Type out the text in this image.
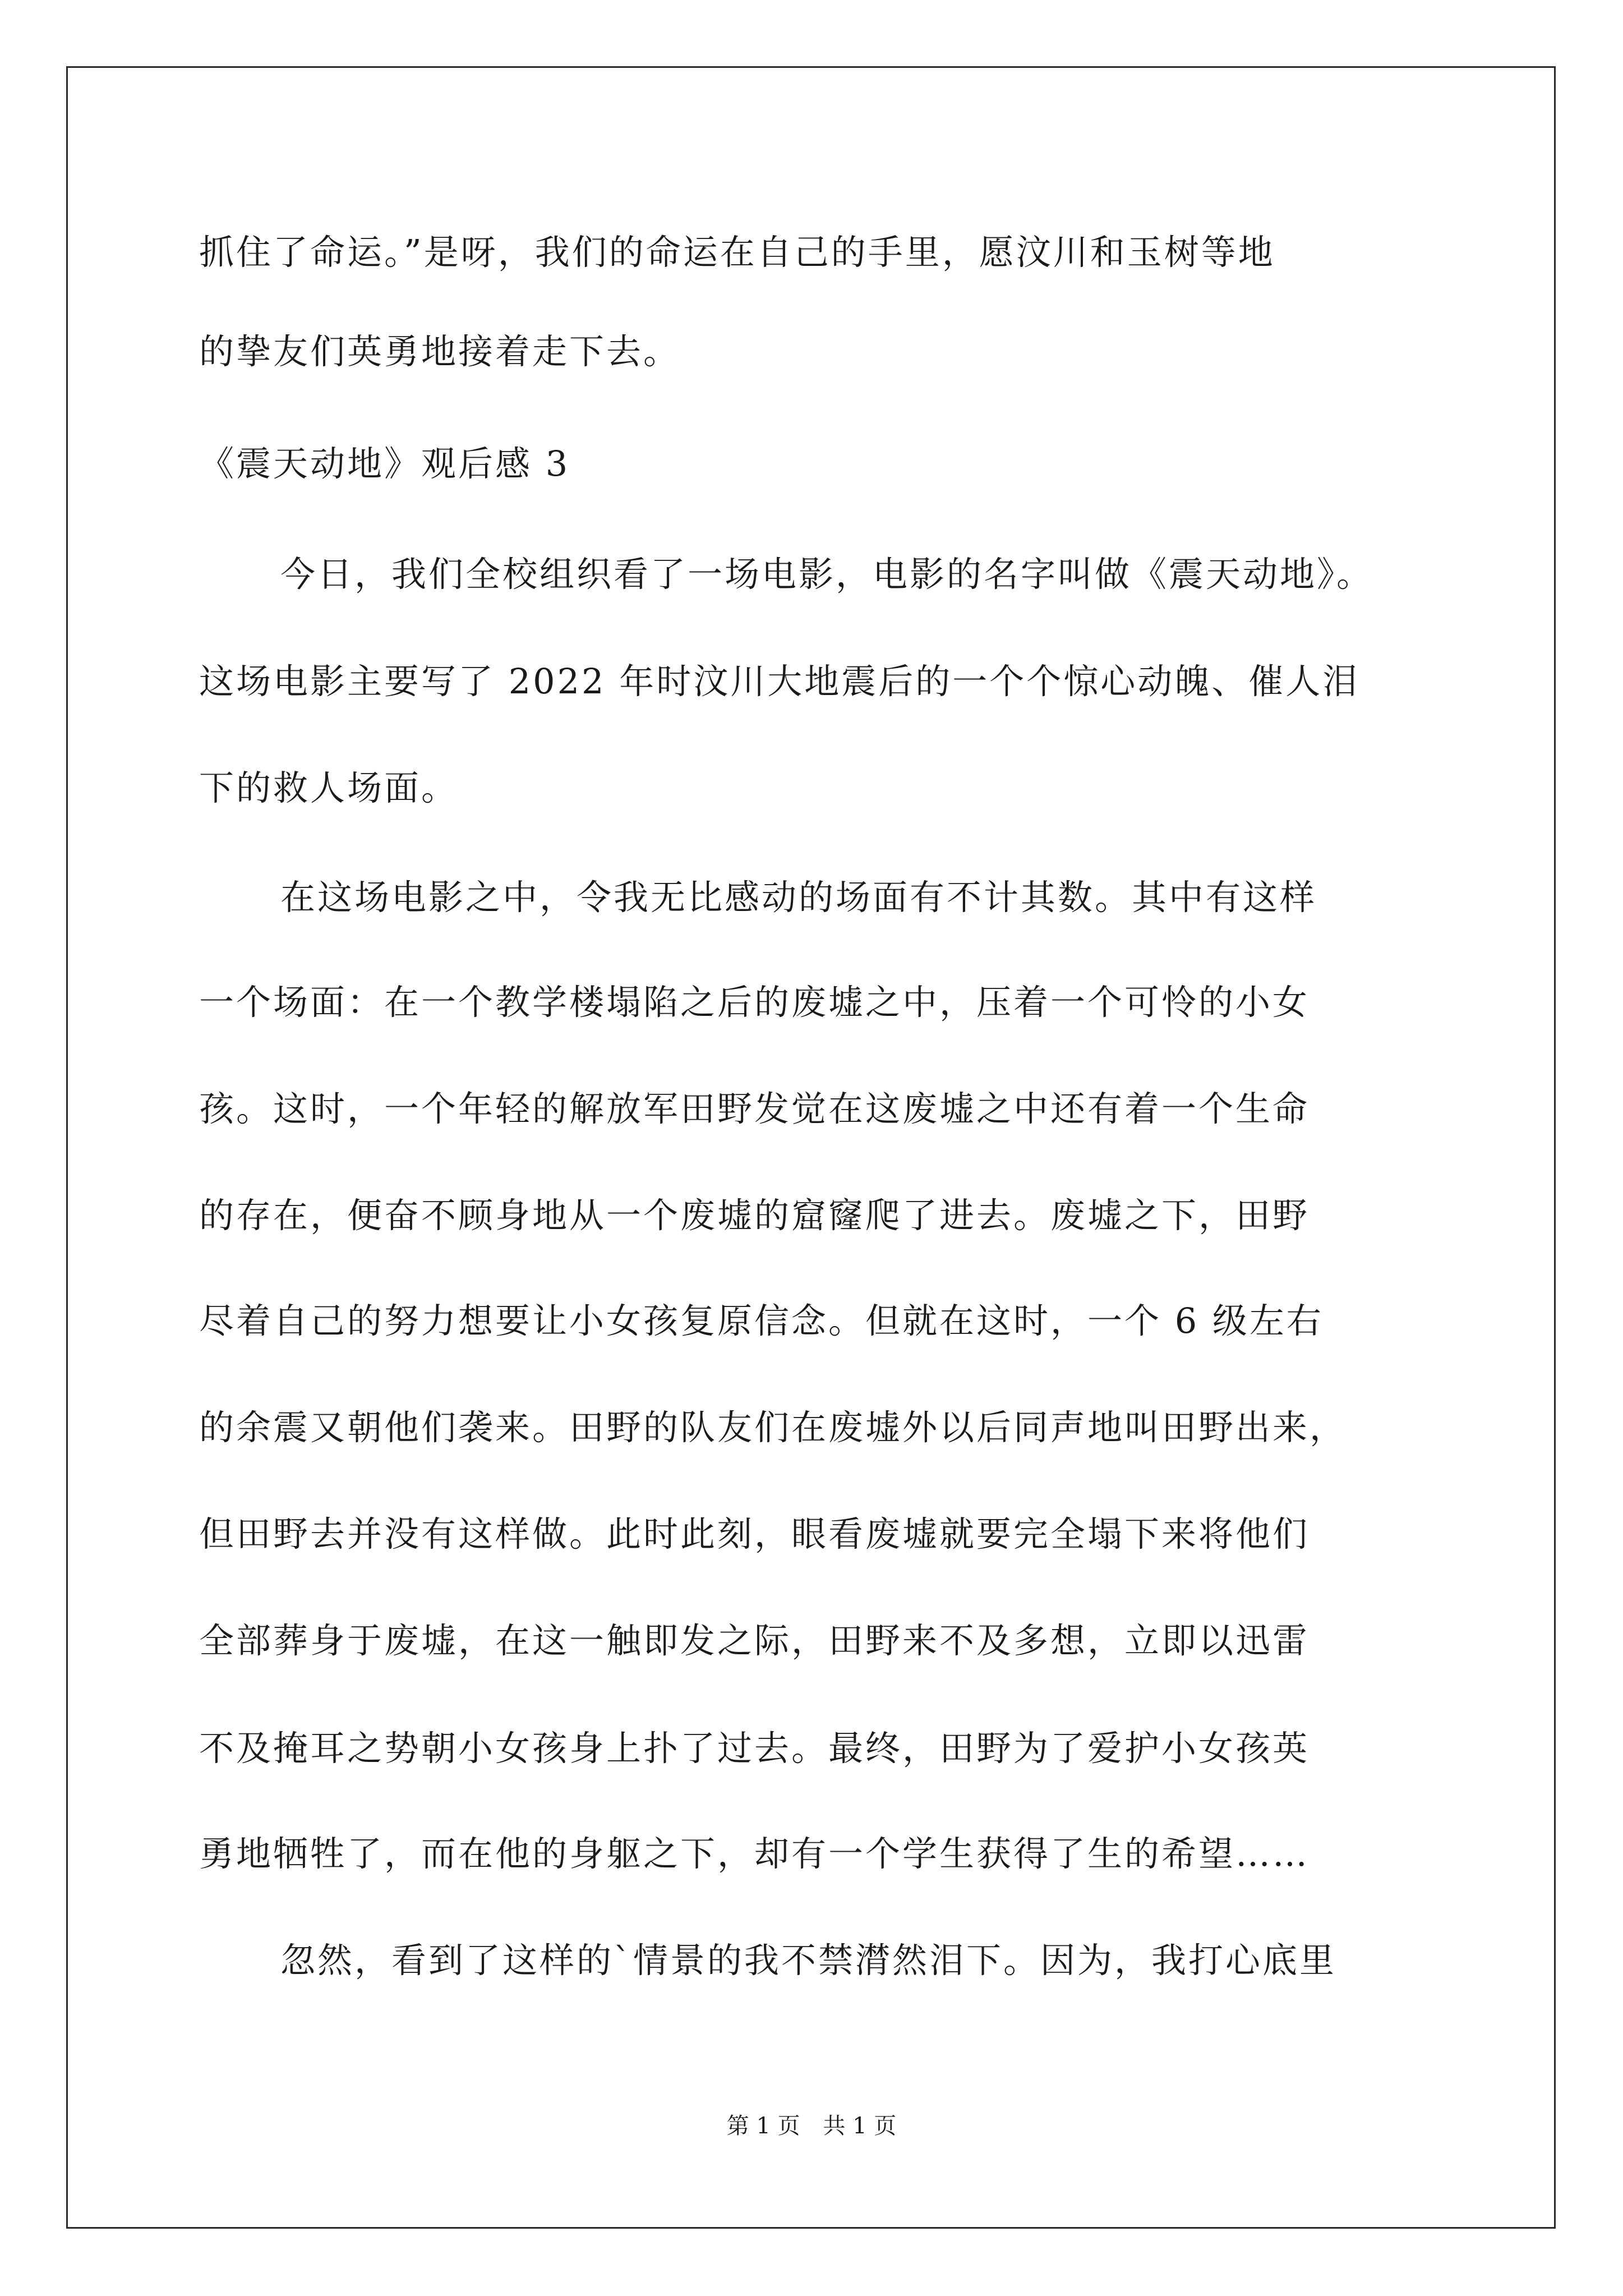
抓住了命运。”是呀，我们的命运在自己的手里，愿汶川和玉树等地
的挚友们英勇地接着走下去。
《震天动地》观后感 3
今日，我们全校组织看了一场电影，电影的名字叫做《震天动地》。
这场电影主要写了 2022 年时汶川大地震后的一个个惊心动魄、催人泪
下的救人场面。
在这场电影之中，令我无比感动的场面有不计其数。其中有这样
一个场面：在一个教学楼塌陷之后的废墟之中，压着一个可怜的小女
孩。这时，一个年轻的解放军田野发觉在这废墟之中还有着一个生命
的存在，便奋不顾身地从一个废墟的窟窿爬了进去。废墟之下，田野
尽着自己的努力想要让小女孩复原信念。但就在这时，一个 6 级左右
的余震又朝他们袭来。田野的队友们在废墟外以后同声地叫田野出来，
但田野去并没有这样做。此时此刻，眼看废墟就要完全塌下来将他们
全部葬身于废墟，在这一触即发之际，田野来不及多想，立即以迅雷
不及掩耳之势朝小女孩身上扑了过去。最终，田野为了爱护小女孩英
勇地牺牲了，而在他的身躯之下，却有一个学生获得了生的希望……
忽然，看到了这样的`情景的我不禁潸然泪下。因为，我打心底里
第 1 页 共 1 页
